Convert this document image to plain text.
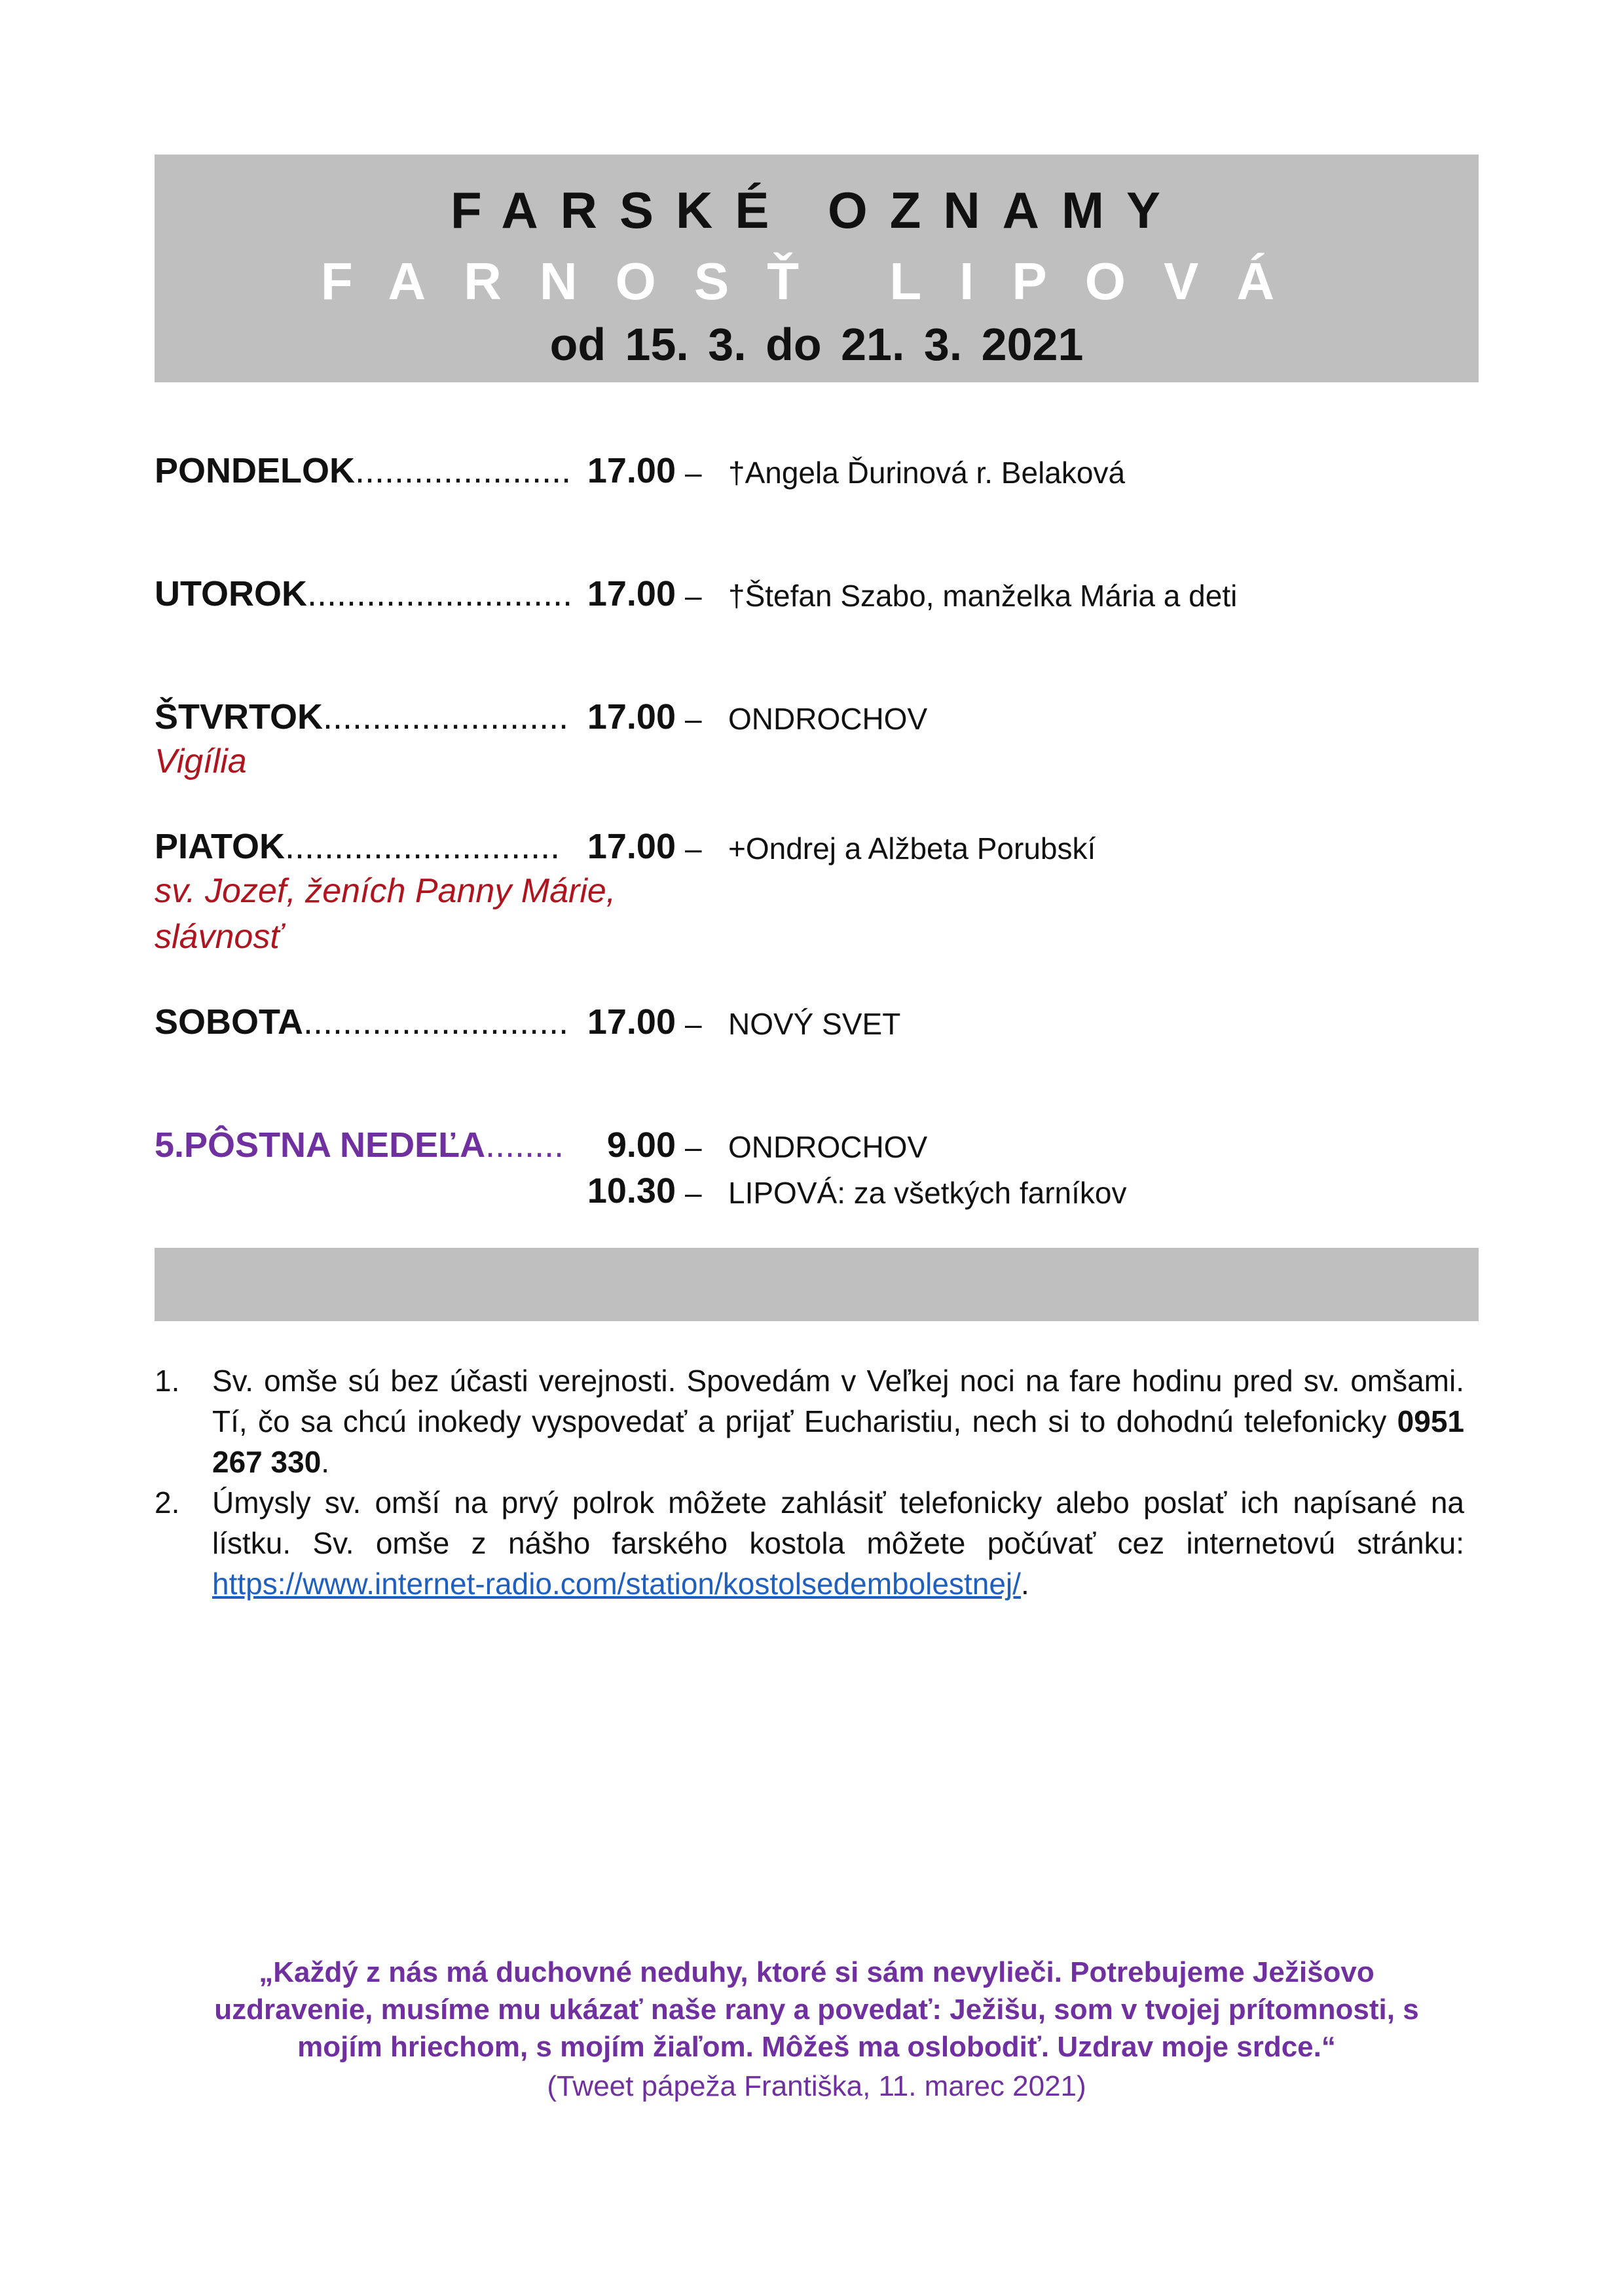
FARSKÉ OZNAMY
FARNOSŤ LIPOVÁ
od 15. 3. do 21. 3. 2021
PONDELOK...................... 17.00 – †Angela Ďurinová r. Belaková
UTOROK........................... 17.00 – †Štefan Szabo, manželka Mária a deti
ŠTVRTOK......................... 17.00 – ONDROCHOV
Vigília
PIATOK............................ 17.00 – +Ondrej a Alžbeta Porubskí
sv. Jozef, ženích Panny Márie,
slávnosť
SOBOTA........................... 17.00 – NOVÝ SVET
5.PÔSTNA NEDEĽA........	9.00 – ONDROCHOV
10.30 – LIPOVÁ: za všetkých farníkov
1. Sv. omše sú bez účasti verejnosti. Spovedám v Veľkej noci na fare hodinu pred sv. omšami. Tí, čo sa chcú inokedy vyspovedať a prijať Eucharistiu, nech si to dohodnú telefonicky 0951 267 330.
2. Úmysly sv. omší na prvý polrok môžete zahlásiť telefonicky alebo poslať ich napísané na lístku. Sv. omše z nášho farského kostola môžete počúvať cez internetovú stránku: https://www.internet-radio.com/station/kostolsedembolestnej/.
„Každý z nás má duchovné neduhy, ktoré si sám nevylieči. Potrebujeme Ježišovo
uzdravenie, musíme mu ukázať naše rany a povedať: Ježišu, som v tvojej prítomnosti, s
mojím hriechom, s mojím žiaľom. Môžeš ma oslobodiť. Uzdrav moje srdce.“
(Tweet pápeža Františka, 11. marec 2021)
